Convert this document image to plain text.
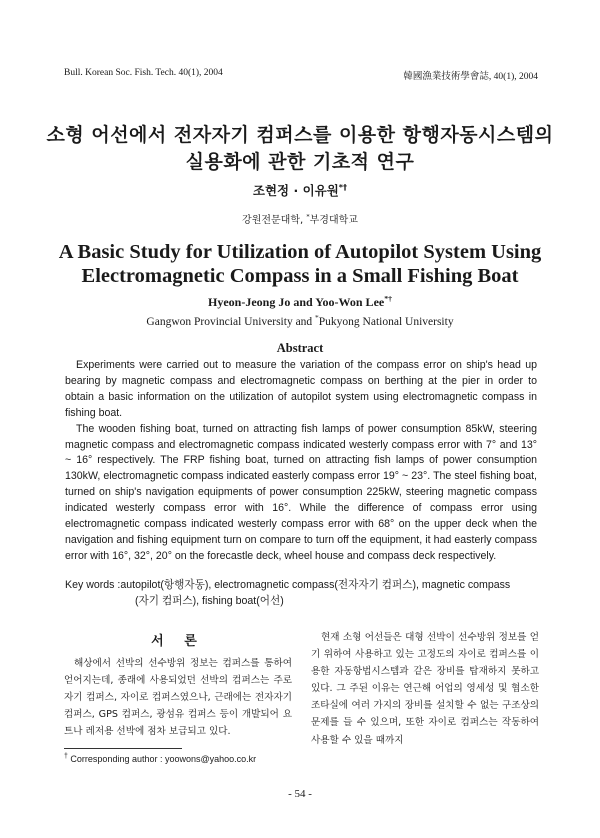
Bull. Korean Soc. Fish. Tech. 40(1), 2004	韓國漁業技術學會誌, 40(1), 2004
소형 어선에서 전자자기 컴퍼스를 이용한 항행자동시스템의
실용화에 관한 기초적 연구
조현정 · 이유원*†
강원전문대학, *부경대학교
A Basic Study for Utilization of Autopilot System Using
Electromagnetic Compass in a Small Fishing Boat
Hyeon-Jeong Jo and Yoo-Won Lee*†
Gangwon Provincial University and *Pukyong National University
Abstract

Experiments were carried out to measure the variation of the compass error on ship's head up bearing by magnetic compass and electromagnetic compass on berthing at the pier in order to obtain a basic information on the utilization of autopilot system using electromagnetic compass in fishing boat.

The wooden fishing boat, turned on attracting fish lamps of power consumption 85kW, steering magnetic compass and electromagnetic compass indicated westerly compass error with 7° and 13° ~ 16° respectively. The FRP fishing boat, turned on attracting fish lamps of power consumption 130kW, electromagnetic compass indicated easterly compass error 19° ~ 23°. The steel fishing boat, turned on ship's navigation equipments of power consumption 225kW, steering magnetic compass indicated westerly compass error with 16°. While the difference of compass error using electromagnetic compass indicated westerly compass error with 68° on the upper deck when the navigation and fishing equipment turn on compare to turn off the equipment, it had easterly compass error with 16°, 32°, 20° on the forecastle deck, wheel house and compass deck respectively.

Key words :autopilot(항행자동), electromagnetic compass(전자자기 컴퍼스), magnetic compass
(자기 컴퍼스), fishing boat(어선)
서 론

해상에서 선박의 선수방위 정보는 컴퍼스를 통하여 얻어지는데, 종래에 사용되었던 선박의 컴퍼스는 주로 자기 컴퍼스, 자이로 컴퍼스였으나, 근래에는 전자자기 컴퍼스, GPS 컴퍼스, 광섬유 컴퍼스 등이 개발되어 요트나 레저용 선박에 점차 보급되고 있다.

현재 소형 어선들은 대형 선박이 선수방위 정보를 얻기 위하여 사용하고 있는 고정도의 자이로 컴퍼스를 이용한 자동항법시스템과 같은 장비를 탑재하지 못하고 있다. 그 주된 이유는 연근해 어업의 영세성 및 협소한 조타실에 여러 가지의 장비를 설치할 수 없는 구조상의 문제를 들 수 있으며, 또한 자이로 컴퍼스는 작동하여 사용할 수 있을 때까지

† Corresponding author : yoowons@yahoo.co.kr
- 54 -
